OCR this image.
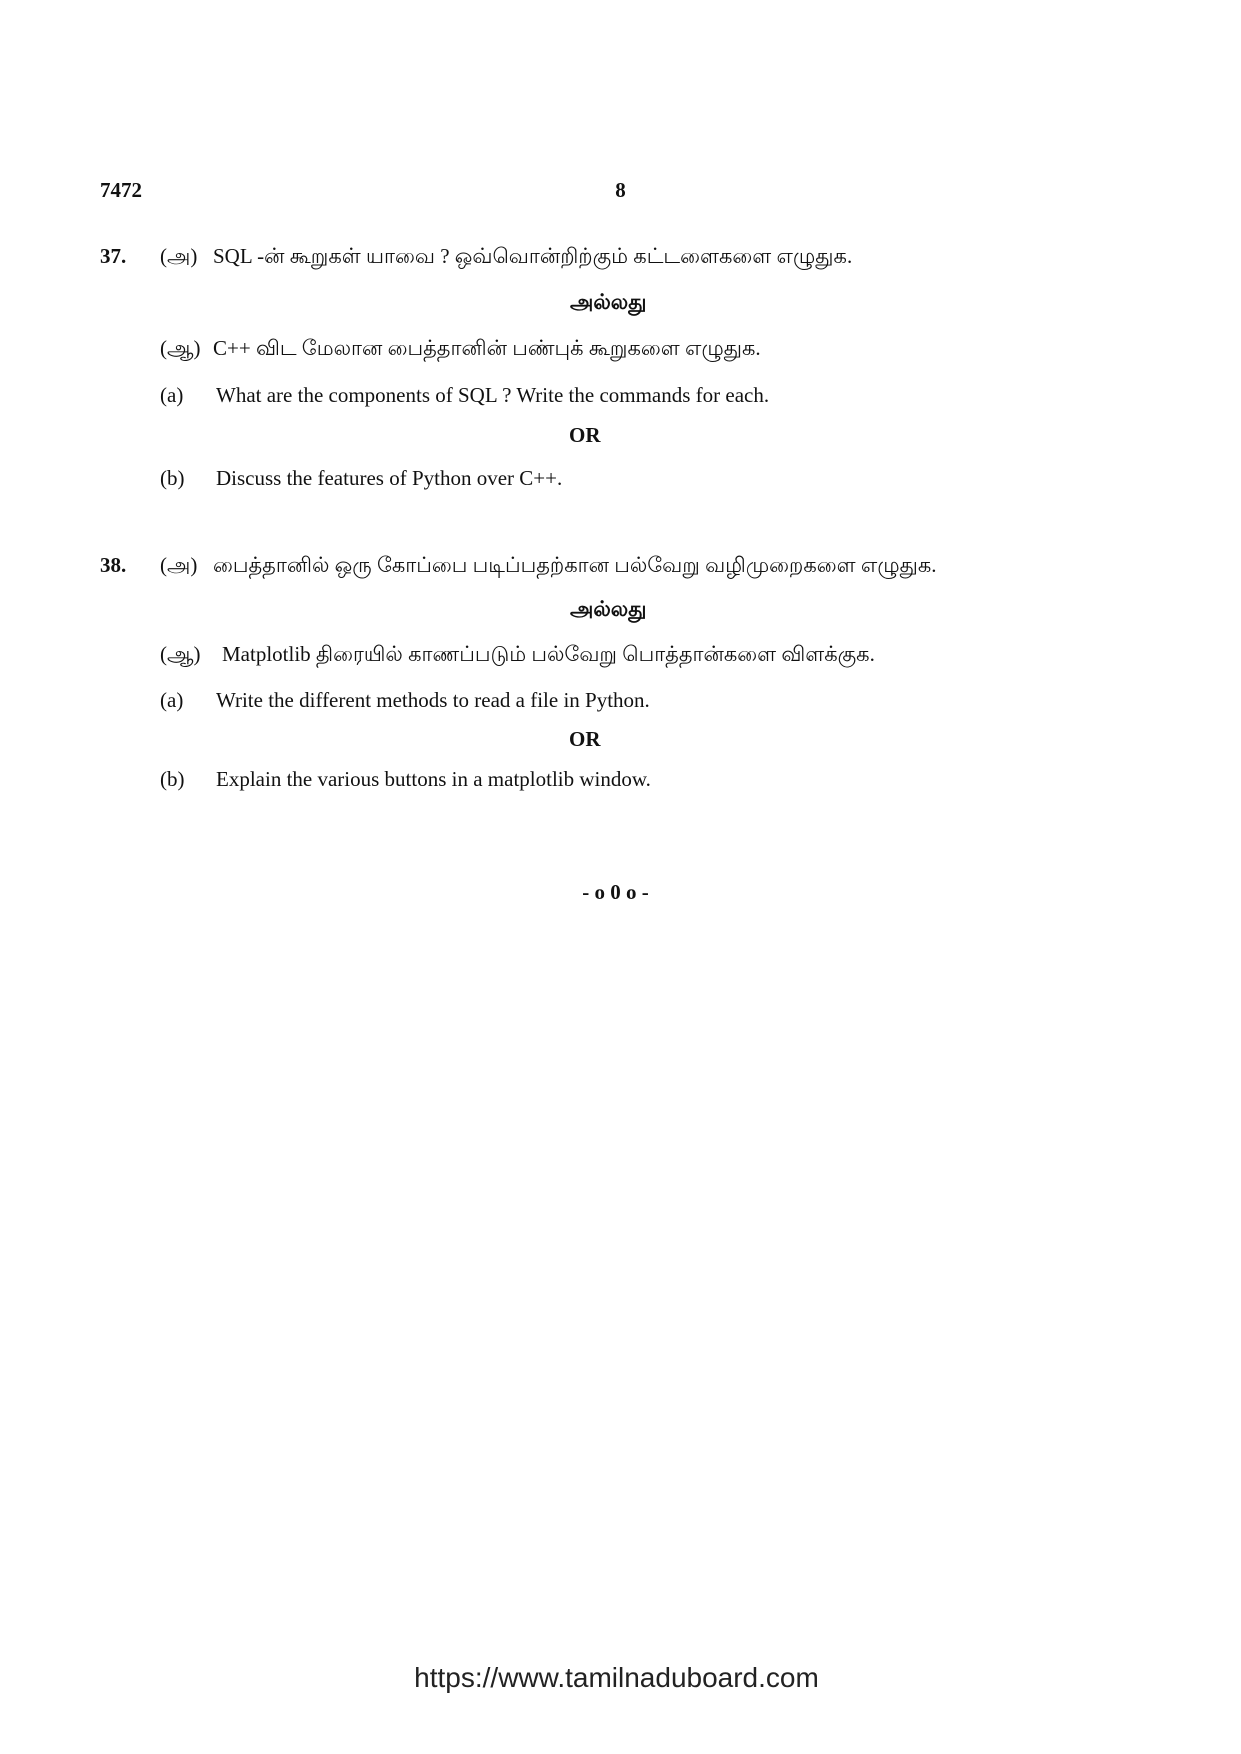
7472	8
37. (அ) SQL -ன் கூறுகள் யாவை ? ஒவ்வொன்றிற்கும் கட்டளைகளை எழுதுக.
அல்லது
(ஆ) C++ விட மேலான பைத்தானின் பண்புக் கூறுகளை எழுதுக.
(a) What are the components of SQL ? Write the commands for each.
OR
(b) Discuss the features of Python over C++.
38. (அ) பைத்தானில் ஒரு கோப்பை படிப்பதற்கான பல்வேறு வழிமுறைகளை எழுதுக.
அல்லது
(ஆ) Matplotlib திரையில் காணப்படும் பல்வேறு பொத்தான்களை விளக்குக.
(a) Write the different methods to read a file in Python.
OR
(b) Explain the various buttons in a matplotlib window.
- o 0 o -
https://www.tamilnaduboard.com
